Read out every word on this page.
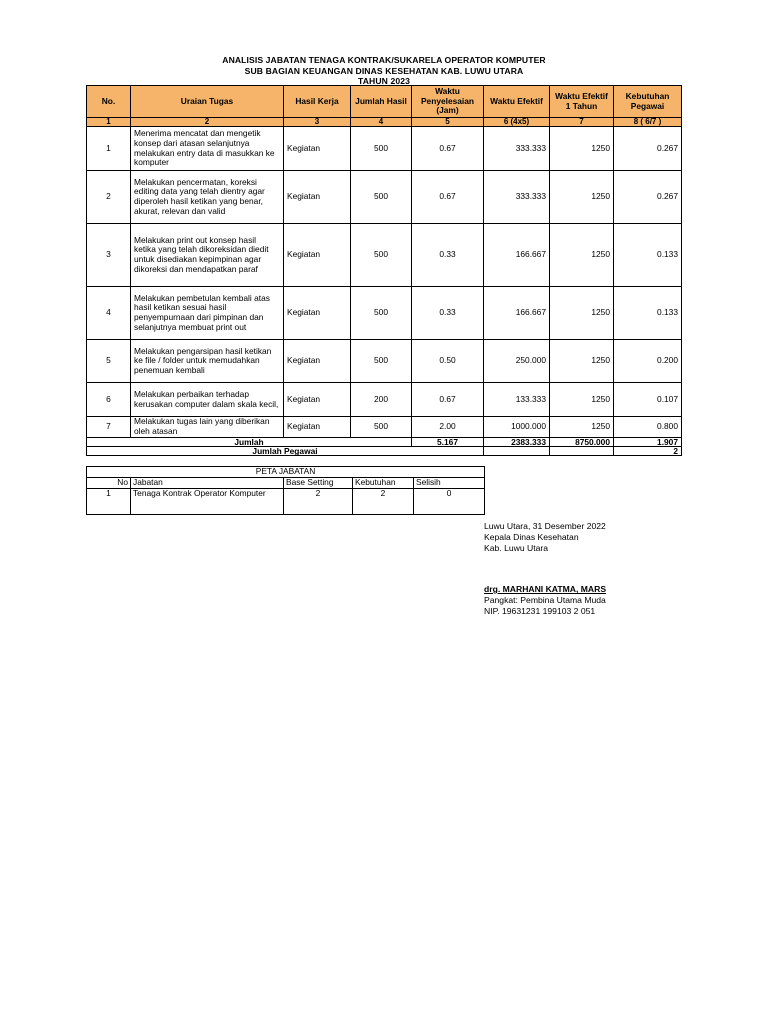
ANALISIS JABATAN TENAGA KONTRAK/SUKARELA OPERATOR KOMPUTER
SUB BAGIAN KEUANGAN DINAS KESEHATAN KAB. LUWU UTARA
TAHUN 2023
No.	Uraian Tugas	Hasil Kerja	Jumlah Hasil	Waktu Penyelesaian (Jam)	Waktu Efektif	Waktu Efektif 1 Tahun	Kebutuhan Pegawai
1	2	3	4	5	6 (4x5)	7	8 ( 6/7 )
1	Menerima mencatat dan mengetik konsep dari atasan selanjutnya melakukan entry data di masukkan ke komputer	Kegiatan	500	0.67	333.333	1250	0.267
2	Melakukan pencermatan, koreksi editing data yang telah dientry agar diperoleh hasil ketikan yang benar, akurat, relevan dan valid	Kegiatan	500	0.67	333.333	1250	0.267
3	Melakukan print out konsep hasil ketika yang telah dikoreksidan diedit untuk disediakan kepimpinan agar dikoreksi dan mendapatkan paraf	Kegiatan	500	0.33	166.667	1250	0.133
4	Melakukan pembetulan kembali atas hasil ketikan sesuai hasil penyempurnaan dari pimpinan dan selanjutnya membuat print out	Kegiatan	500	0.33	166.667	1250	0.133
5	Melakukan pengarsipan hasil ketikan ke file / folder untuk memudahkan penemuan kembali	Kegiatan	500	0.50	250.000	1250	0.200
6	Melakukan perbaikan terhadap kerusakan computer dalam skala kecil,	Kegiatan	200	0.67	133.333	1250	0.107
7	Melakukan tugas lain yang diberikan oleh atasan	Kegiatan	500	2.00	1000.000	1250	0.800
Jumlah				5.167	2383.333	8750.000	1.907
Jumlah Pegawai							2
PETA JABATAN				
No	Jabatan	Base Setting	Kebutuhan	Selisih
1	Tenaga Kontrak Operator Komputer	2	2	0
Luwu Utara, 31 Desember 2022
Kepala Dinas Kesehatan
Kab. Luwu Utara
drg. MARHANI KATMA, MARS
Pangkat: Pembina Utama Muda
NIP. 19631231 199103 2 051
